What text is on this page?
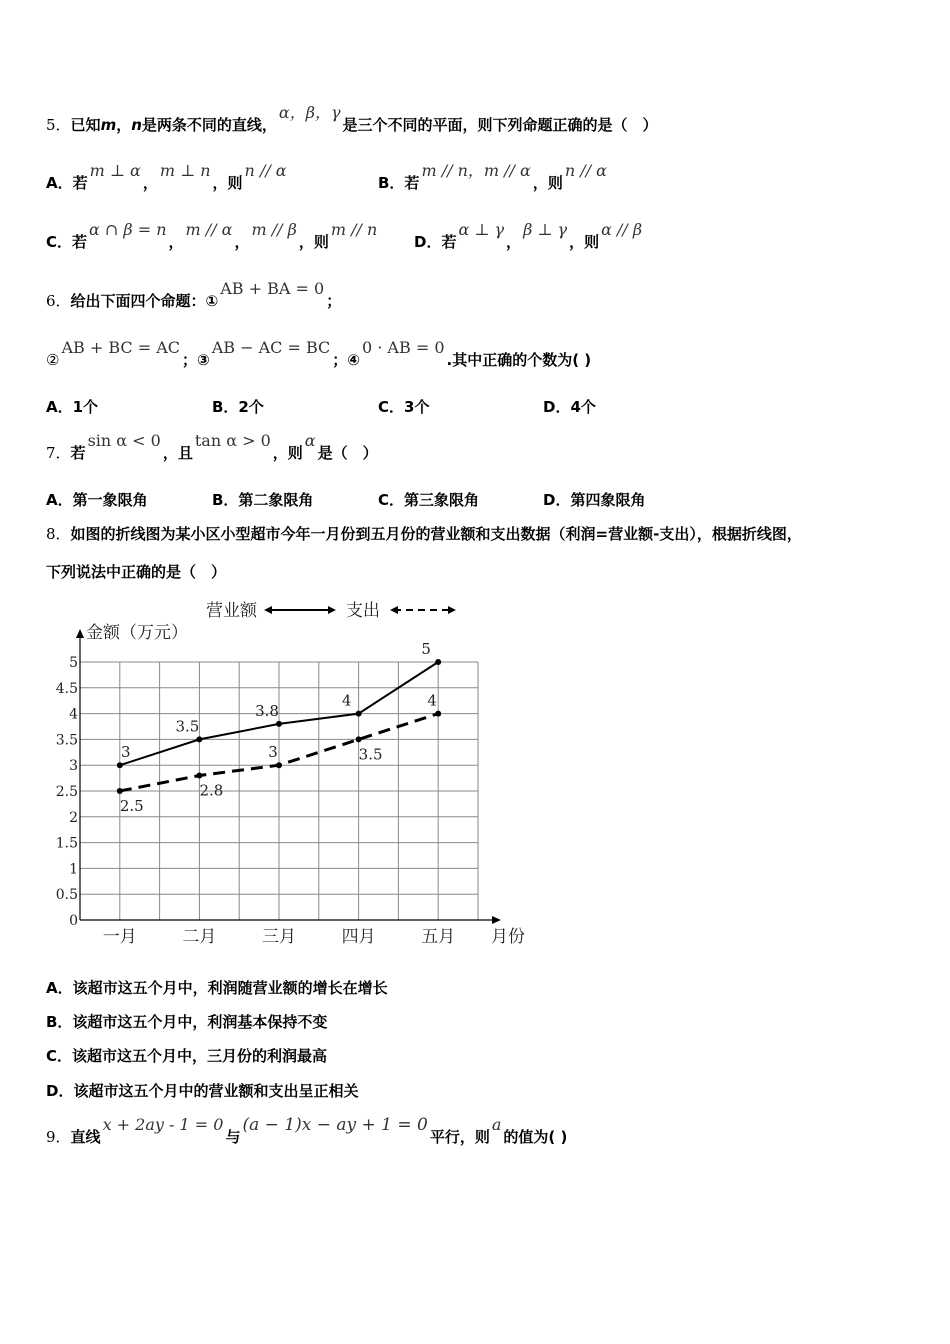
5．已知m，n是两条不同的直线，α，β，γ是三个不同的平面，则下列命题正确的是（　）
A．若m ⊥ α，m ⊥ n，则n // α
B．若m // n，m // α，则n // α
C．若α ∩ β = n，m // α，m // β，则m // n
D．若α ⊥ γ，β ⊥ γ，则α // β
6．给出下面四个命题：①AB + BA = 0；
②AB + BC = AC；③AB − AC = BC；④0 · AB = 0.其中正确的个数为( )
A．1个	B．2个	C．3个	D．4个
7．若sin α < 0，且tan α > 0，则α是（　）
A．第一象限角	B．第二象限角	C．第三象限角	D．第四象限角
8．如图的折线图为某小区小型超市今年一月份到五月份的营业额和支出数据（利润=营业额-支出），根据折线图，
下列说法中正确的是（　）
0
0.5
1
1.5
2
2.5
3
3.5
4
4.5
5
一月	二月	三月	四月	五月 月份
金额（万元）
3
3.5
3.8
4
5
2.5
2.8
3	3.5
4
营业额	支出
A．该超市这五个月中，利润随营业额的增长在增长
B．该超市这五个月中，利润基本保持不变
C．该超市这五个月中，三月份的利润最高
D．该超市这五个月中的营业额和支出呈正相关
9．直线x + 2ay - 1 = 0与(a − 1)x − ay + 1 = 0平行，则a的值为( )
